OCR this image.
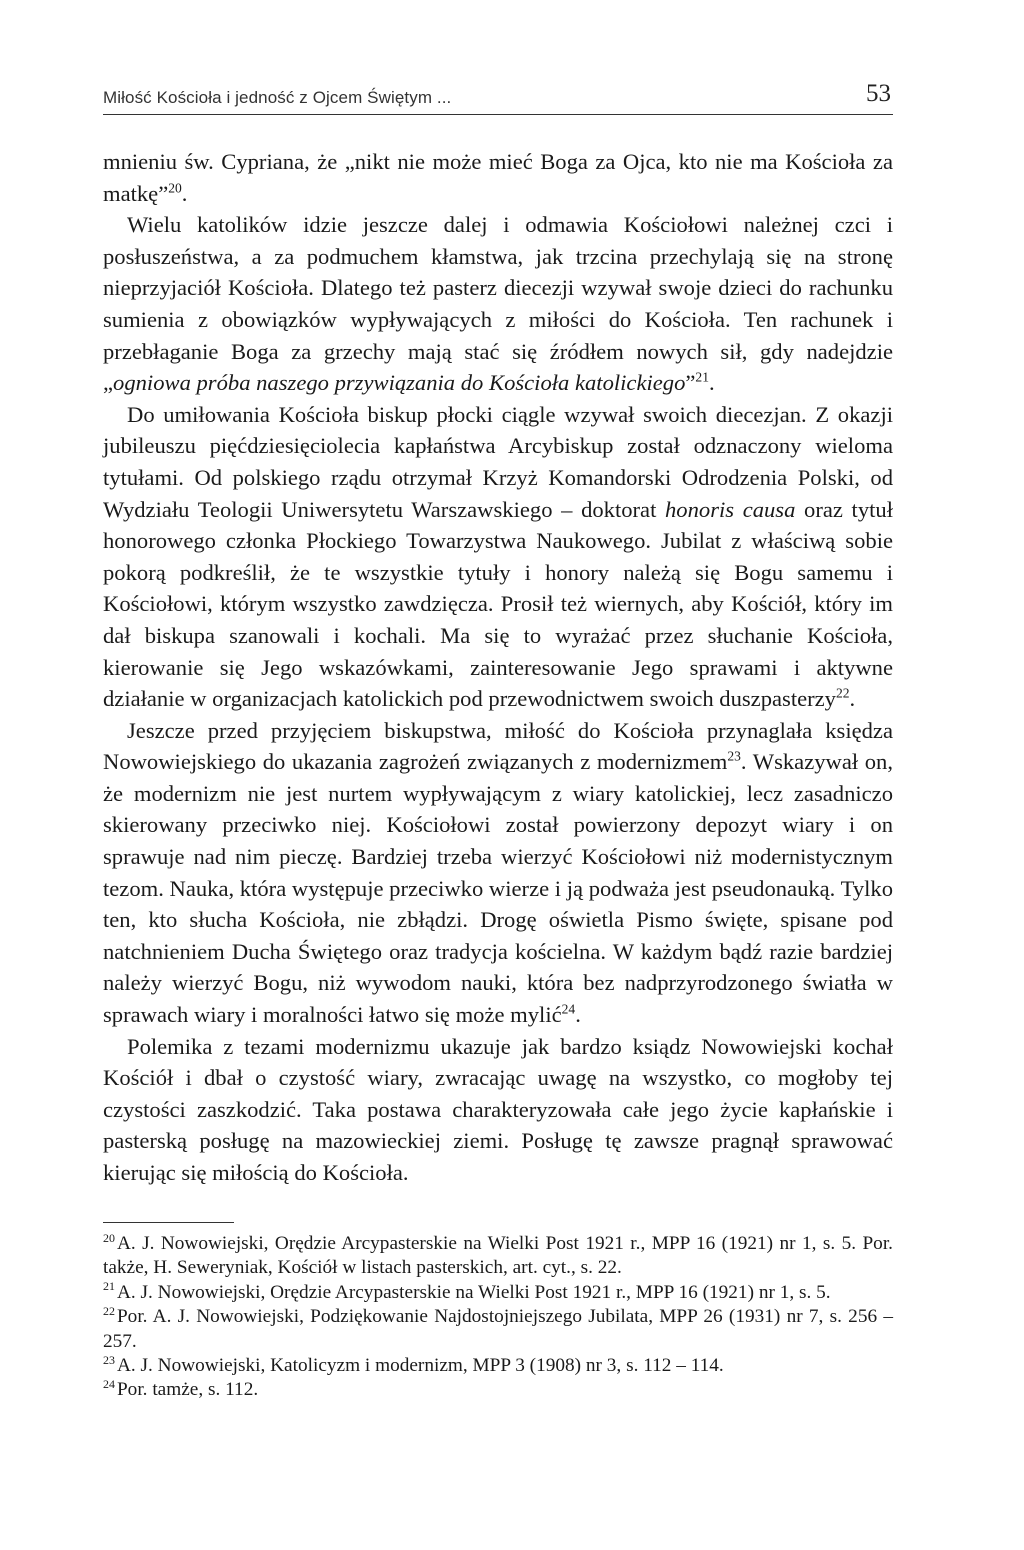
Miłość Kościoła i jedność z Ojcem Świętym ...	53

mnieniu św. Cypriana, że „nikt nie może mieć Boga za Ojca, kto nie ma Kościoła za matkę”$^{20}$.

Wielu katolików idzie jeszcze dalej i odmawia Kościołowi należnej czci i posłuszeństwa, a za podmuchem kłamstwa, jak trzcina przechylają się na stronę nieprzyjaciół Kościoła. Dlatego też pasterz diecezji wzywał swoje dzieci do rachunku sumienia z obowiązków wypływających z miłości do Kościoła. Ten rachunek i przebłaganie Boga za grzechy mają stać się źródłem nowych sił, gdy nadejdzie „ogniowa próba naszego przywiązania do Kościoła katolickiego”$^{21}$.

Do umiłowania Kościoła biskup płocki ciągle wzywał swoich diecezjan. Z okazji jubileuszu pięćdziesięciolecia kapłaństwa Arcybiskup został odznaczony wieloma tytułami. Od polskiego rządu otrzymał Krzyż Komandorski Odrodzenia Polski, od Wydziału Teologii Uniwersytetu Warszawskiego – doktorat honoris causa oraz tytuł honorowego członka Płockiego Towarzystwa Naukowego. Jubilat z właściwą sobie pokorą podkreślił, że te wszystkie tytuły i honory należą się Bogu samemu i Kościołowi, którym wszystko zawdzięcza. Prosił też wiernych, aby Kościół, który im dał biskupa szanowali i kochali. Ma się to wyrażać przez słuchanie Kościoła, kierowanie się Jego wskazówkami, zainteresowanie Jego sprawami i aktywne działanie w organizacjach katolickich pod przewodnictwem swoich duszpasterzy$^{22}$.

Jeszcze przed przyjęciem biskupstwa, miłość do Kościoła przynaglała księdza Nowowiejskiego do ukazania zagrożeń związanych z modernizmem$^{23}$. Wskazywał on, że modernizm nie jest nurtem wypływającym z wiary katolickiej, lecz zasadniczo skierowany przeciwko niej. Kościołowi został powierzony depozyt wiary i on sprawuje nad nim pieczę. Bardziej trzeba wierzyć Kościołowi niż modernistycznym tezom. Nauka, która występuje przeciwko wierze i ją podważa jest pseudonauką. Tylko ten, kto słucha Kościoła, nie zbłądzi. Drogę oświetla Pismo święte, spisane pod natchnieniem Ducha Świętego oraz tradycja kościelna. W każdym bądź razie bardziej należy wierzyć Bogu, niż wywodom nauki, która bez nadprzyrodzonego światła w sprawach wiary i moralności łatwo się może mylić$^{24}$.

Polemika z tezami modernizmu ukazuje jak bardzo ksiądz Nowowiejski kochał Kościół i dbał o czystość wiary, zwracając uwagę na wszystko, co mogłoby tej czystości zaszkodzić. Taka postawa charakteryzowała całe jego życie kapłańskie i pasterską posługę na mazowieckiej ziemi. Posługę tę zawsze pragnął sprawować kierując się miłością do Kościoła.

$^{20}$ A. J. Nowowiejski, Orędzie Arcypasterskie na Wielki Post 1921 r., MPP 16 (1921) nr 1, s. 5. Por. także, H. Seweryniak, Kościół w listach pasterskich, art. cyt., s. 22.

$^{21}$ A. J. Nowowiejski, Orędzie Arcypasterskie na Wielki Post 1921 r., MPP 16 (1921) nr 1, s. 5.

$^{22}$ Por. A. J. Nowowiejski, Podziękowanie Najdostojniejszego Jubilata, MPP 26 (1931) nr 7, s. 256 – 257.

$^{23}$ A. J. Nowowiejski, Katolicyzm i modernizm, MPP 3 (1908) nr 3, s. 112 – 114.

$^{24}$ Por. tamże, s. 112.
